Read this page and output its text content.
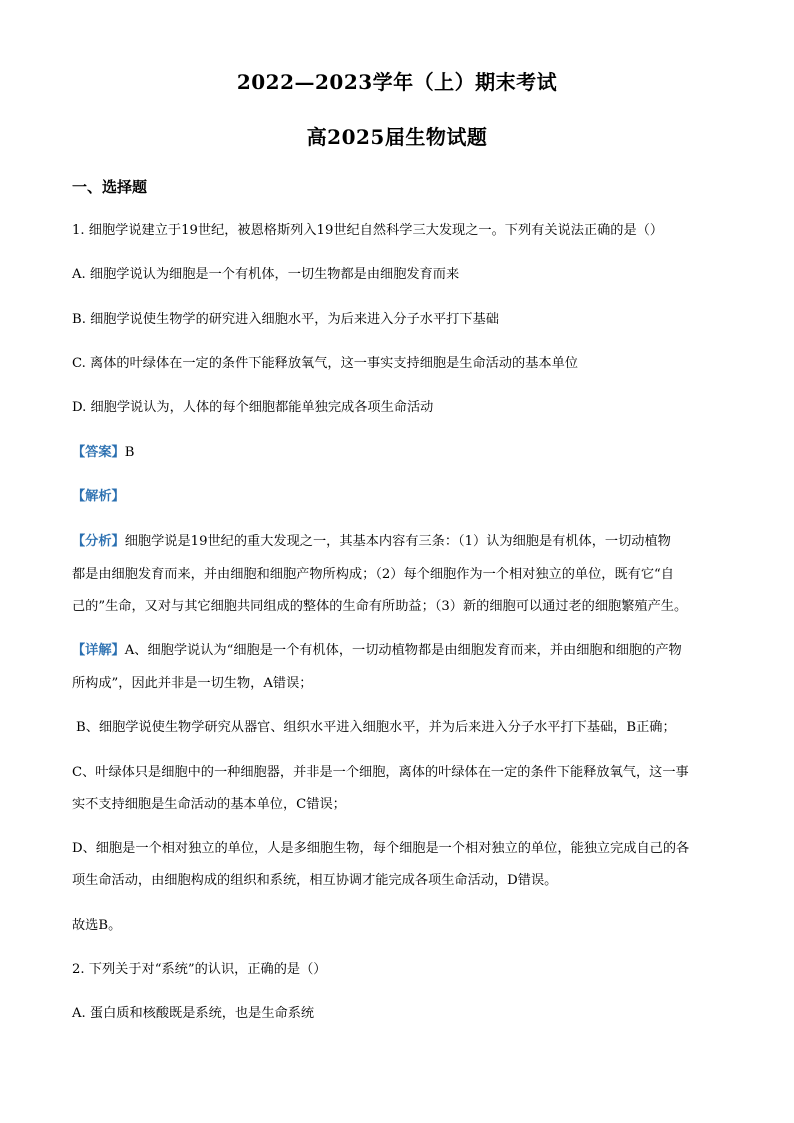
2022—2023学年（上）期末考试
高2025届生物试题
一、选择题
1. 细胞学说建立于19世纪，被恩格斯列入19世纪自然科学三大发现之一。下列有关说法正确的是（）
A. 细胞学说认为细胞是一个有机体，一切生物都是由细胞发育而来
B. 细胞学说使生物学的研究进入细胞水平，为后来进入分子水平打下基础
C. 离体的叶绿体在一定的条件下能释放氧气，这一事实支持细胞是生命活动的基本单位
D. 细胞学说认为，人体的每个细胞都能单独完成各项生命活动
【答案】B
【解析】
【分析】细胞学说是19世纪的重大发现之一，其基本内容有三条：（1）认为细胞是有机体，一切动植物
都是由细胞发育而来，并由细胞和细胞产物所构成；（2）每个细胞作为一个相对独立的单位，既有它“自
己的”生命，又对与其它细胞共同组成的整体的生命有所助益；（3）新的细胞可以通过老的细胞繁殖产生。
【详解】A、细胞学说认为“细胞是一个有机体，一切动植物都是由细胞发育而来，并由细胞和细胞的产物
所构成”，因此并非是一切生物，A错误；
B、细胞学说使生物学研究从器官、组织水平进入细胞水平，并为后来进入分子水平打下基础，B正确；
C、叶绿体只是细胞中的一种细胞器，并非是一个细胞，离体的叶绿体在一定的条件下能释放氧气，这一事
实不支持细胞是生命活动的基本单位，C错误；
D、细胞是一个相对独立的单位，人是多细胞生物，每个细胞是一个相对独立的单位，能独立完成自己的各
项生命活动，由细胞构成的组织和系统，相互协调才能完成各项生命活动，D错误。
故选B。
2. 下列关于对“系统”的认识，正确的是（）
A. 蛋白质和核酸既是系统，也是生命系统
